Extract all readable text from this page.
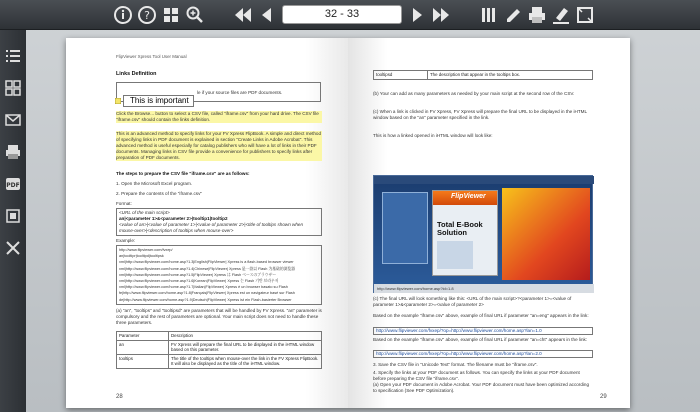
?	32 - 33
PDF
FlipViewer Xpress Tool User Manual
Links Definition
le if your source files are PDF documents.
This is important
Click the Browse... button to select a CSV file, called "iframe.csv" from your hard drive. The CSV file "iframe.csv" should contain the links definition.
This is an advanced method to specify links for your FV Xpress FlipBook. A simple and direct method of specifying links in PDF document is explained in section "Create Links in Adobe Acrobat". This advanced method is useful especially for catalog publishers who will have a lot of links in their PDF documents. Managing links in CSV file provide a convenience for publishers to specify links after preparation of PDF documents.
The steps to prepare the CSV file "iframe.csv" are as follows:
1. Open the Microsoft Excel program.
2. Prepare the contents of the "iframe.csv"
Format:
<URL of the main script>
an|<parameter 1>&<parameter 2>|tooltip1|tooltip2
<value of an>|<value of parameter 1>|<value of parameter 2>|<title of tooltips shown when mouse-over>|<description of tooltips when mouse-over>
Example:
http://www.flipviewer.com/fvxep/
an|tooltipr|tooltipd|tooltipsk
xml|http://www.flipviewer.com/home.asp?1.3|English|FlipViewer| Xpress is a flash-based browser viewer
xml|http://www.flipviewer.com/home.asp?1.4|Chinese|FlipViewer| Xpress 是一款以 Flash 为基础的浏览器
xml|http://www.flipviewer.com/home.asp?1.5|FlipViewer| Xpress は Flash ベースのブラウザー
xml|http://www.flipviewer.com/home.asp?1.6|Korean|FlipViewer| Xpress 는 Flash 기반 브라우저
xml|http://www.flipviewer.com/home.asp?1.7|Italian|FlipViewer| Xpress è un browser basato su Flash
fe|http://www.flipviewer.com/home.asp?1.8|Français|FlipViewer| Xpress est un navigateur basé sur Flash
de|http://www.flipviewer.com/home.asp?1.9|Deutsch|FlipViewer| Xpress ist ein Flash-basierter Browser
(a) "an", "tooltips" and "tooltipsd" are parameters that will be handled by FV Xpress. "an" parameter is compulsory and the rest of parameters are optional. Your main script does not need to handle these three parameters.
Parameter	Description
an	FV Xpress will prepare the final URL to be displayed in the iHTML window based on this parameter.
tooltips	The title of the tooltips when mouse-over the link in the FV Xpress FlipBook. It will also be displayed as the title of the iHTML window.
28
tooltipsd	The description that appear in the tooltips box.
(b) Your can add as many parameters as needed by your main script at the second row of the CSV.
(c) When a link is clicked in FV Xpress, FV Xpress will prepare the final URL to be displayed in the iHTML window based on the "an" parameter specified in the link.
This is how a linked opened in iHTML window will look like:
FlipViewer
Total E-Book Solution
http://www.flipviewer.com/home.asp?id=1.8
(c) The final URL will look something like this: <URL of the main script>?<parameter 1>=<value of parameter 1>&<parameter 2>=<value of parameter 2>
Based on the example "iframe.csv" above, example of final URL if parameter "an=eng" appears in the link:
http://www.flipviewer.com/fvxep/?op=http://www.flipviewer.com/home.asp?lan=1.0
Based on the example "iframe.csv" above, example of final URL if parameter "an=cht" appears in the link:
http://www.flipviewer.com/fvxep/?op=http://www.flipviewer.com/home.asp?lan=2.0
3. Save the CSV file in "Unicode Text" format. The filename must be "iframe.csv".
4. Specify the links at your PDF document as follows. You can specify the links at your PDF document before preparing the CSV file "iframe.csv".
(a) Open your PDF document in Adobe Acrobat. Your PDF document must have been optimized according to specification (See PDF Optimization).
29
